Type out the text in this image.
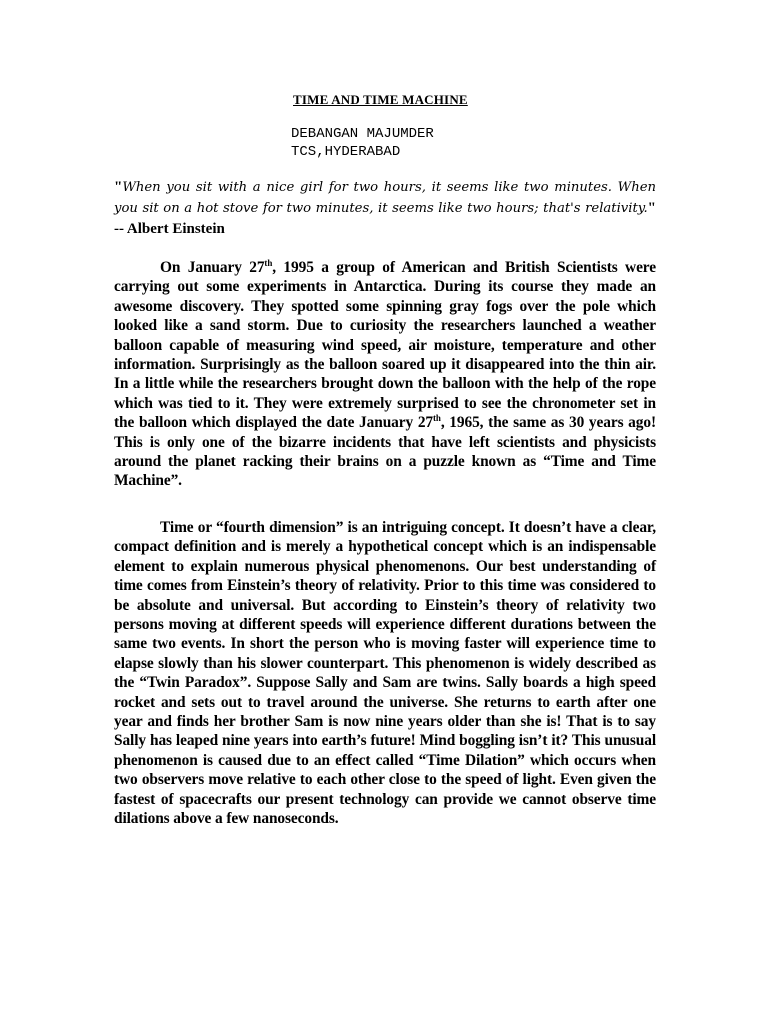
TIME AND TIME MACHINE
DEBANGAN MAJUMDER
TCS,HYDERABAD
"When you sit with a nice girl for two hours, it seems like two minutes. When you sit on a hot stove for two minutes, it seems like two hours; that's relativity." -- Albert Einstein
On January 27th, 1995 a group of American and British Scientists were carrying out some experiments in Antarctica. During its course they made an awesome discovery. They spotted some spinning gray fogs over the pole which looked like a sand storm. Due to curiosity the researchers launched a weather balloon capable of measuring wind speed, air moisture, temperature and other information. Surprisingly as the balloon soared up it disappeared into the thin air. In a little while the researchers brought down the balloon with the help of the rope which was tied to it. They were extremely surprised to see the chronometer set in the balloon which displayed the date January 27th, 1965, the same as 30 years ago! This is only one of the bizarre incidents that have left scientists and physicists around the planet racking their brains on a puzzle known as “Time and Time Machine”.
Time or “fourth dimension” is an intriguing concept. It doesn’t have a clear, compact definition and is merely a hypothetical concept which is an indispensable element to explain numerous physical phenomenons. Our best understanding of time comes from Einstein’s theory of relativity. Prior to this time was considered to be absolute and universal. But according to Einstein’s theory of relativity two persons moving at different speeds will experience different durations between the same two events. In short the person who is moving faster will experience time to elapse slowly than his slower counterpart. This phenomenon is widely described as the “Twin Paradox”. Suppose Sally and Sam are twins. Sally boards a high speed rocket and sets out to travel around the universe. She returns to earth after one year and finds her brother Sam is now nine years older than she is! That is to say Sally has leaped nine years into earth’s future! Mind boggling isn’t it? This unusual phenomenon is caused due to an effect called “Time Dilation” which occurs when two observers move relative to each other close to the speed of light. Even given the fastest of spacecrafts our present technology can provide we cannot observe time dilations above a few nanoseconds.
